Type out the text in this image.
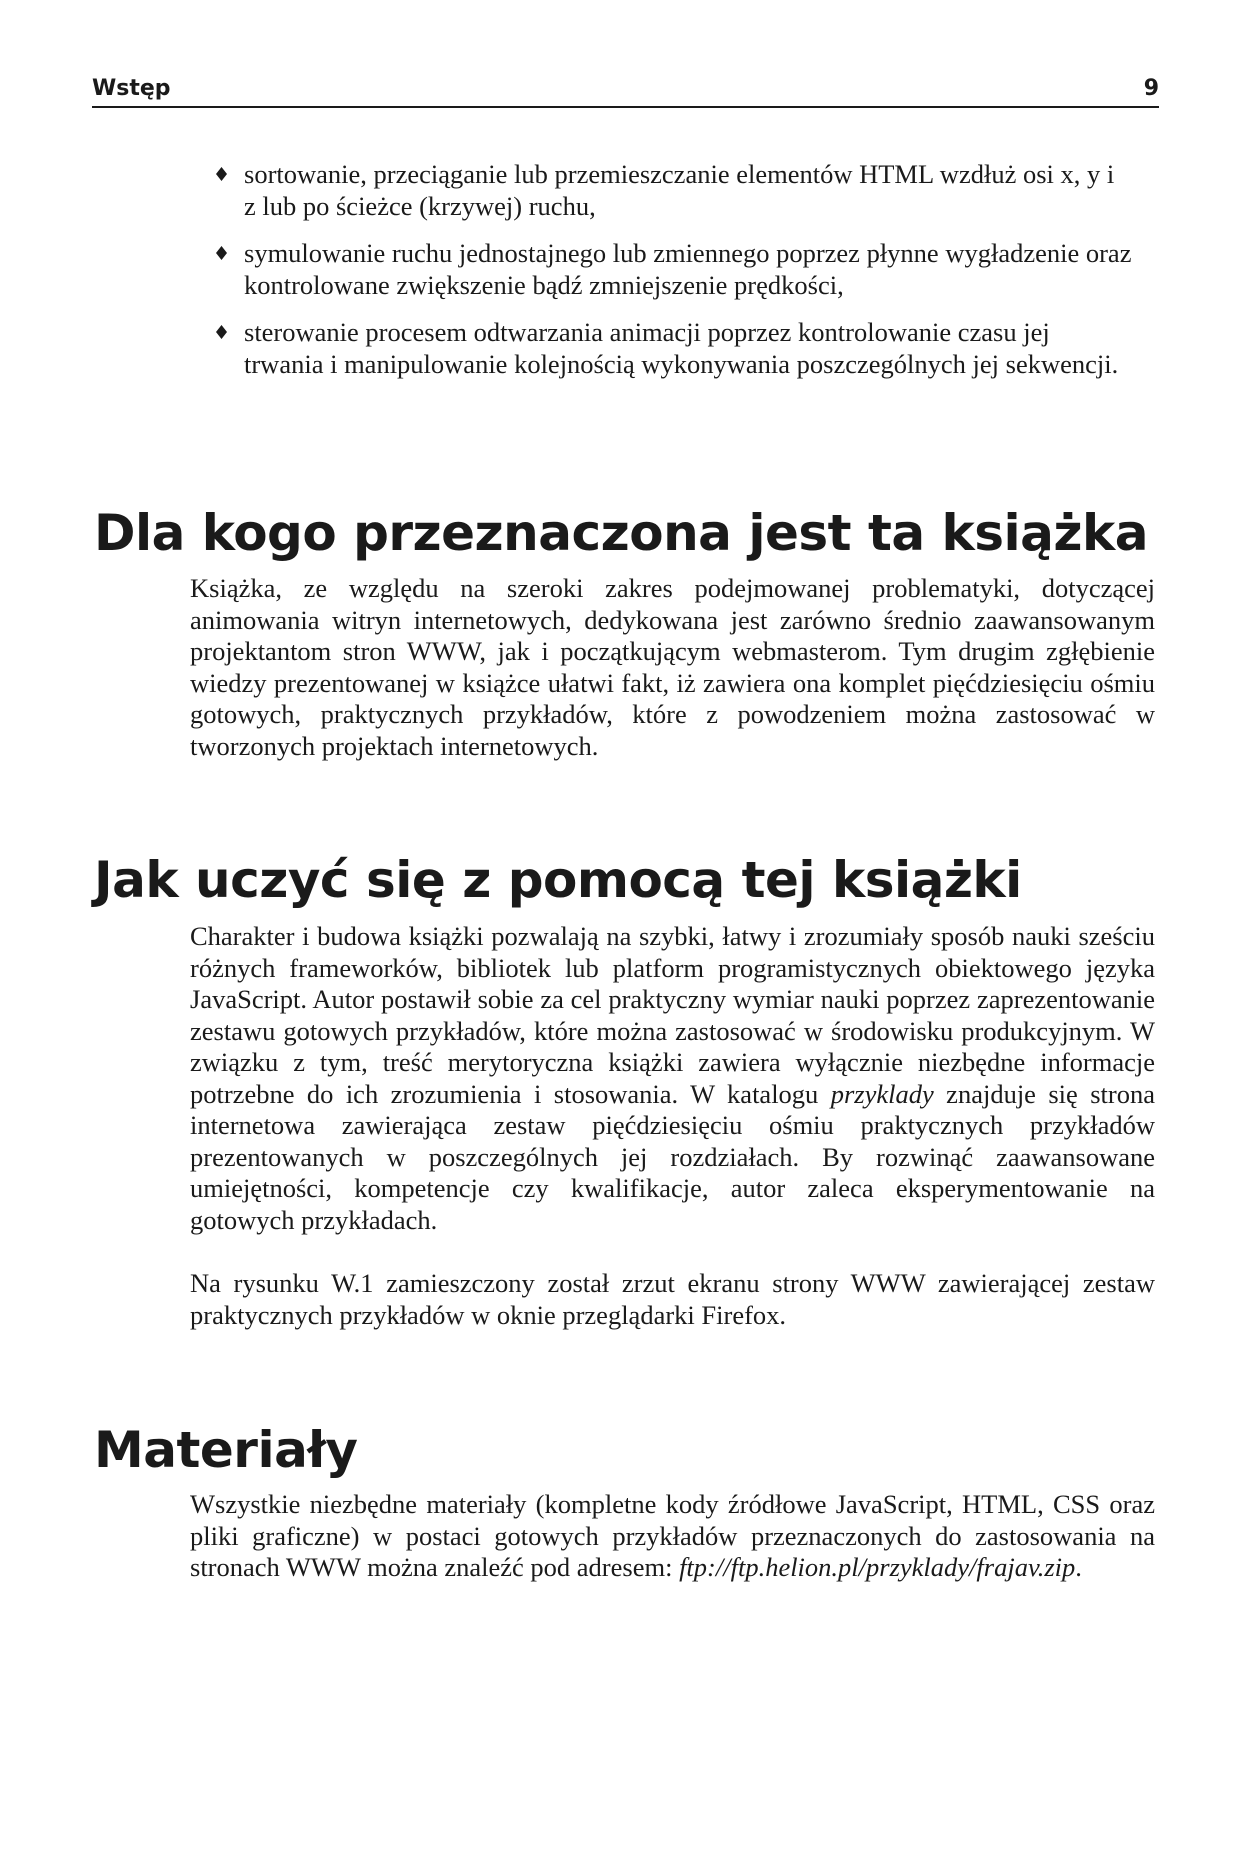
Wstęp	9
sortowanie, przeciąganie lub przemieszczanie elementów HTML wzdłuż osi x, y i z lub po ścieżce (krzywej) ruchu,
symulowanie ruchu jednostajnego lub zmiennego poprzez płynne wygładzenie oraz kontrolowane zwiększenie bądź zmniejszenie prędkości,
sterowanie procesem odtwarzania animacji poprzez kontrolowanie czasu jej trwania i manipulowanie kolejnością wykonywania poszczególnych jej sekwencji.
Dla kogo przeznaczona jest ta książka

Książka, ze względu na szeroki zakres podejmowanej problematyki, dotyczącej animowania witryn internetowych, dedykowana jest zarówno średnio zaawansowanym projektantom stron WWW, jak i początkującym webmasterom. Tym drugim zgłębienie wiedzy prezentowanej w książce ułatwi fakt, iż zawiera ona komplet pięćdziesięciu ośmiu gotowych, praktycznych przykładów, które z powodzeniem można zastosować w tworzonych projektach internetowych.

Jak uczyć się z pomocą tej książki

Charakter i budowa książki pozwalają na szybki, łatwy i zrozumiały sposób nauki sześciu różnych frameworków, bibliotek lub platform programistycznych obiektowego języka JavaScript. Autor postawił sobie za cel praktyczny wymiar nauki poprzez zaprezentowanie zestawu gotowych przykładów, które można zastosować w środowisku produkcyjnym. W związku z tym, treść merytoryczna książki zawiera wyłącznie niezbędne informacje potrzebne do ich zrozumienia i stosowania. W katalogu przyklady znajduje się strona internetowa zawierająca zestaw pięćdziesięciu ośmiu praktycznych przykładów prezentowanych w poszczególnych jej rozdziałach. By rozwinąć zaawansowane umiejętności, kompetencje czy kwalifikacje, autor zaleca eksperymentowanie na gotowych przykładach.

Na rysunku W.1 zamieszczony został zrzut ekranu strony WWW zawierającej zestaw praktycznych przykładów w oknie przeglądarki Firefox.

Materiały

Wszystkie niezbędne materiały (kompletne kody źródłowe JavaScript, HTML, CSS oraz pliki graficzne) w postaci gotowych przykładów przeznaczonych do zastosowania na stronach WWW można znaleźć pod adresem: ftp://ftp.helion.pl/przyklady/frajav.zip.
